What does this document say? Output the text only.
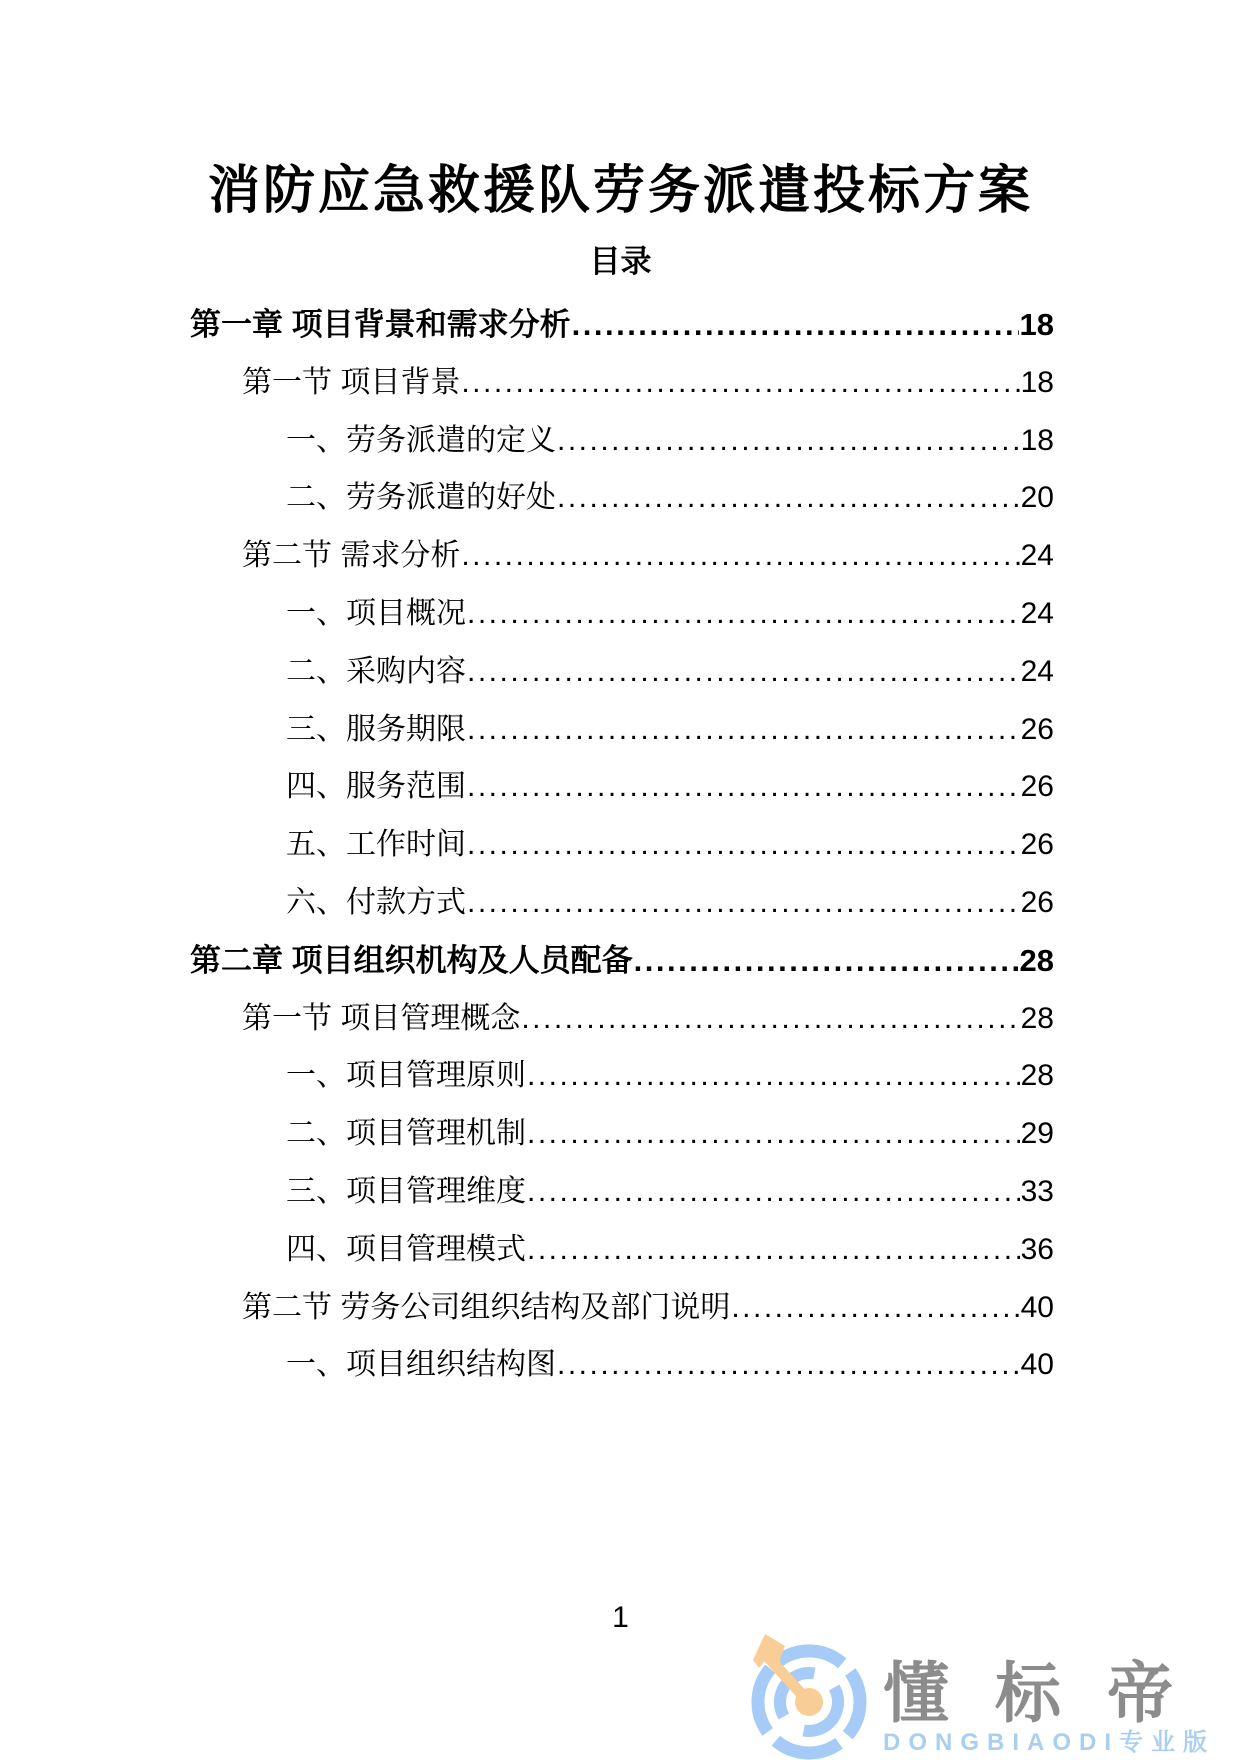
消防应急救援队劳务派遣投标方案
目录
第一章 项目背景和需求分析 .....	18
第一节 项目背景 .....	18
一、劳务派遣的定义 .....	18
二、劳务派遣的好处 .....	20
第二节 需求分析 .....	24
一、项目概况 .....	24
二、采购内容 .....	24
三、服务期限 .....	26
四、服务范围 .....	26
五、工作时间 .....	26
六、付款方式 .....	26
第二章 项目组织机构及人员配备 .....	28
第一节 项目管理概念 .....	28
一、项目管理原则 .....	28
二、项目管理机制 .....	29
三、项目管理维度 .....	33
四、项目管理模式 .....	36
第二节 劳务公司组织结构及部门说明 .....	40
一、项目组织结构图 .....	40
1
懂标帝
DONGBIAODI专业版
